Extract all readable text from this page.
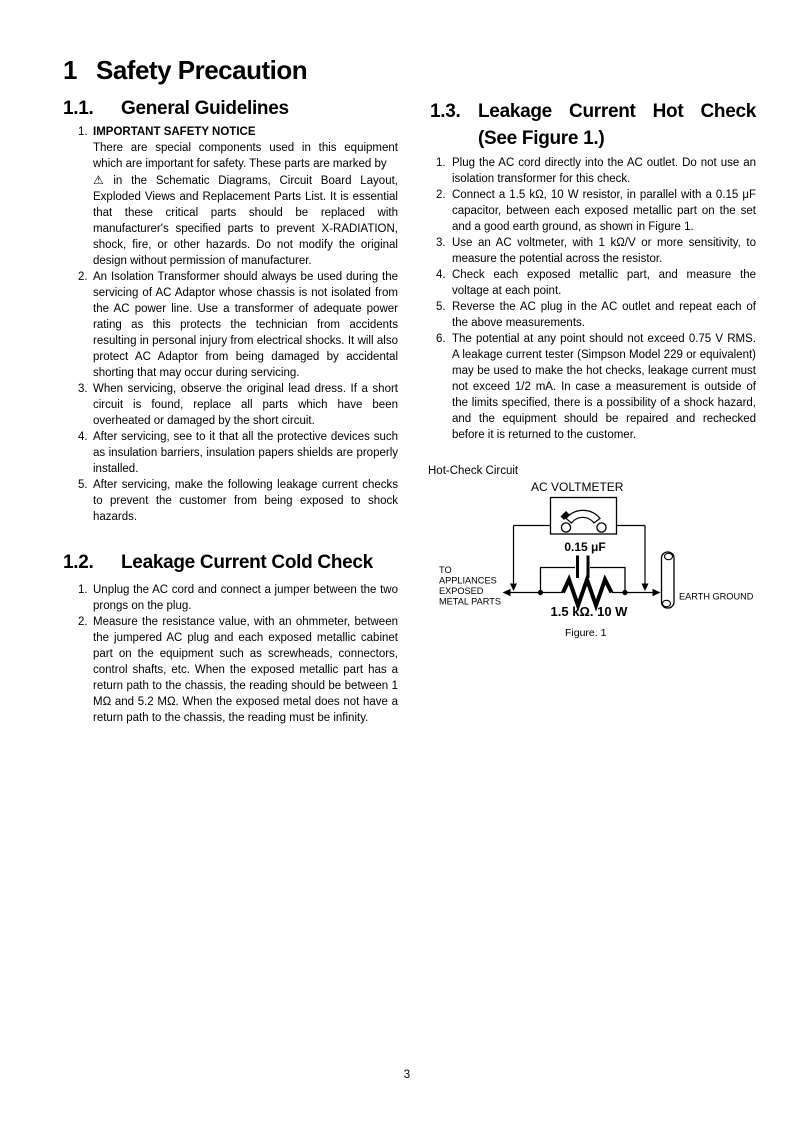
1 Safety Precaution
1.1.	General Guidelines
1. IMPORTANT SAFETY NOTICE

There are special components used in this equipment which are important for safety. These parts are marked by

⚠ in the Schematic Diagrams, Circuit Board Layout, Exploded Views and Replacement Parts List. It is essential that these critical parts should be replaced with manufacturer's specified parts to prevent X-RADIATION, shock, fire, or other hazards. Do not modify the original design without permission of manufacturer.

2. An Isolation Transformer should always be used during the servicing of AC Adaptor whose chassis is not isolated from the AC power line. Use a transformer of adequate power rating as this protects the technician from accidents resulting in personal injury from electrical shocks. It will also protect AC Adaptor from being damaged by accidental shorting that may occur during servicing.
3. When servicing, observe the original lead dress. If a short circuit is found, replace all parts which have been overheated or damaged by the short circuit.
4. After servicing, see to it that all the protective devices such as insulation barriers, insulation papers shields are properly installed.
5. After servicing, make the following leakage current checks to prevent the customer from being exposed to shock hazards.
1.2.	Leakage Current Cold Check
1. Unplug the AC cord and connect a jumper between the two prongs on the plug.
2. Measure the resistance value, with an ohmmeter, between the jumpered AC plug and each exposed metallic cabinet part on the equipment such as screwheads, connectors, control shafts, etc. When the exposed metallic part has a return path to the chassis, the reading should be between 1 MΩ and 5.2 MΩ. When the exposed metal does not have a return path to the chassis, the reading must be infinity.
1.3. Leakage Current Hot Check
(See Figure 1.)
1. Plug the AC cord directly into the AC outlet. Do not use an isolation transformer for this check.
2. Connect a 1.5 kΩ, 10 W resistor, in parallel with a 0.15 μF capacitor, between each exposed metallic part on the set and a good earth ground, as shown in Figure 1.
3. Use an AC voltmeter, with 1 kΩ/V or more sensitivity, to measure the potential across the resistor.
4. Check each exposed metallic part, and measure the voltage at each point.
5. Reverse the AC plug in the AC outlet and repeat each of the above measurements.
6. The potential at any point should not exceed 0.75 V RMS. A leakage current tester (Simpson Model 229 or equivalent) may be used to make the hot checks, leakage current must not exceed 1/2 mA. In case a measurement is outside of the limits specified, there is a possibility of a shock hazard, and the equipment should be repaired and rechecked before it is returned to the customer.
Hot-Check Circuit
AC VOLTMETER
0.15 μF
1.5 kΩ. 10 W
TO
APPLIANCES
EXPOSED
METAL PARTS	EARTH GROUND
Figure. 1
3
